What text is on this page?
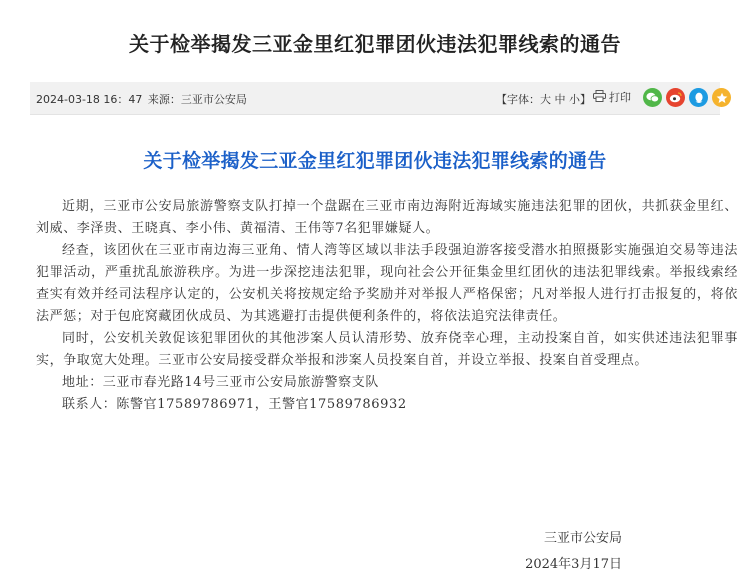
关于检举揭发三亚金里红犯罪团伙违法犯罪线索的通告
2024-03-18 16：47 来源：三亚市公安局	【字体：大 中 小】 打印
关于检举揭发三亚金里红犯罪团伙违法犯罪线索的通告

近期，三亚市公安局旅游警察支队打掉一个盘踞在三亚市南边海附近海域实施违法犯罪的团伙，共抓获金里红、刘威、李泽贵、王晓真、李小伟、黄福清、王伟等7名犯罪嫌疑人。

经查，该团伙在三亚市南边海三亚角、情人湾等区域以非法手段强迫游客接受潜水拍照摄影实施强迫交易等违法犯罪活动，严重扰乱旅游秩序。为进一步深挖违法犯罪，现向社会公开征集金里红团伙的违法犯罪线索。举报线索经查实有效并经司法程序认定的，公安机关将按规定给予奖励并对举报人严格保密；凡对举报人进行打击报复的，将依法严惩；对于包庇窝藏团伙成员、为其逃避打击提供便利条件的，将依法追究法律责任。

同时，公安机关敦促该犯罪团伙的其他涉案人员认清形势、放弃侥幸心理，主动投案自首，如实供述违法犯罪事实，争取宽大处理。三亚市公安局接受群众举报和涉案人员投案自首，并设立举报、投案自首受理点。

地址：三亚市春光路14号三亚市公安局旅游警察支队

联系人：陈警官17589786971，王警官17589786932

三亚市公安局
2024年3月17日
